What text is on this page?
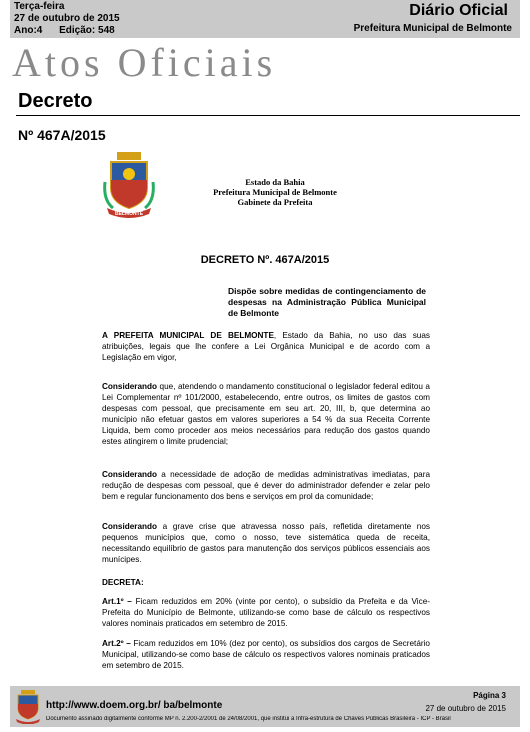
Terça-feira
27 de outubro de 2015
Ano:4 Edição: 548
Diário Oficial
Prefeitura Municipal de Belmonte
Atos Oficiais
Decreto
Nº 467A/2015
BELMONTE
Estado da Bahia
Prefeitura Municipal de Belmonte
Gabinete da Prefeita
DECRETO Nº. 467A/2015
Dispõe sobre medidas de contingenciamento de despesas na Administração Pública Municipal de Belmonte
A PREFEITA MUNICIPAL DE BELMONTE, Estado da Bahia, no uso das suas atribuições, legais que lhe confere a Lei Orgânica Municipal e de acordo com a Legislação em vigor,
Considerando que, atendendo o mandamento constitucional o legislador federal editou a Lei Complementar nº 101/2000, estabelecendo, entre outros, os limites de gastos com despesas com pessoal, que precisamente em seu art. 20, III, b, que determina ao município não efetuar gastos em valores superiores a 54 % da sua Receita Corrente Liquida, bem como proceder aos meios necessários para redução dos gastos quando estes atingirem o limite prudencial;
Considerando a necessidade de adoção de medidas administrativas imediatas, para redução de despesas com pessoal, que é dever do administrador defender e zelar pelo bem e regular funcionamento dos bens e serviços em prol da comunidade;
Considerando a grave crise que atravessa nosso país, refletida diretamente nos pequenos municípios que, como o nosso, teve sistemática queda de receita, necessitando equilíbrio de gastos para manutenção dos serviços públicos essenciais aos munícipes.
DECRETA:
Art.1º – Ficam reduzidos em 20% (vinte por cento), o subsídio da Prefeita e da Vice-Prefeita do Município de Belmonte, utilizando-se como base de cálculo os respectivos valores nominais praticados em setembro de 2015.
Art.2º – Ficam reduzidos em 10% (dez por cento), os subsídios dos cargos de Secretário Municipal, utilizando-se como base de cálculo os respectivos valores nominais praticados em setembro de 2015.
http://www.doem.org.br/ ba/belmonte
Página 3
27 de outubro de 2015
Documento assinado digitalmente conforme MP n. 2.200-2/2001 de 24/08/2001, que institui a Infra-estrutura de Chaves Públicas Brasileira - ICP - Brasil
